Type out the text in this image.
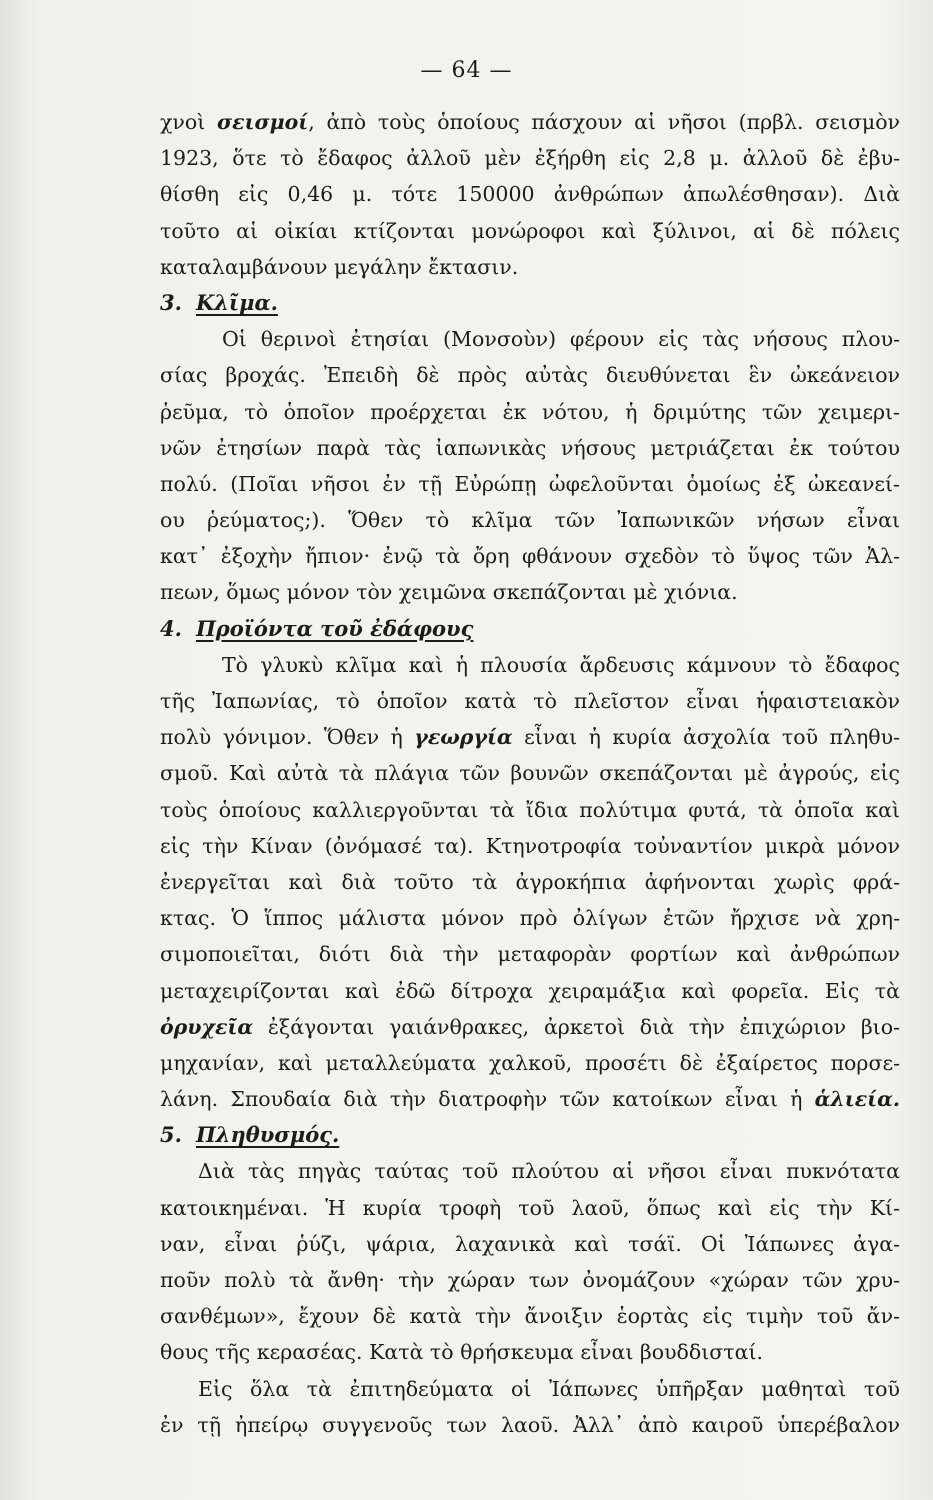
— 64 —
χνοὶ σεισμοί, ἀπὸ τοὺς ὁποίους πάσχουν αἱ νῆσοι (πρβλ. σεισμὸν
1923, ὅτε τὸ ἔδαφος ἀλλοῦ μὲν ἐξήρθη εἰς 2,8 μ. ἀλλοῦ δὲ ἐβυ-
θίσθη εἰς 0,46 μ. τότε 150000 ἀνθρώπων ἀπωλέσθησαν). Διὰ
τοῦτο αἱ οἰκίαι κτίζονται μονώροφοι καὶ ξύλινοι, αἱ δὲ πόλεις
καταλαμβάνουν μεγάλην ἔκτασιν.
3. Κλῖμα.
Οἱ θερινοὶ ἐτησίαι (Μονσοὺν) φέρουν εἰς τὰς νήσους πλου-
σίας βροχάς. Ἐπειδὴ δὲ πρὸς αὐτὰς διευθύνεται ἓν ὠκεάνειον
ῥεῦμα, τὸ ὁποῖον προέρχεται ἐκ νότου, ἡ δριμύτης τῶν χειμερι-
νῶν ἐτησίων παρὰ τὰς ἰαπωνικὰς νήσους μετριάζεται ἐκ τούτου
πολύ. (Ποῖαι νῆσοι ἐν τῇ Εὐρώπῃ ὠφελοῦνται ὁμοίως ἐξ ὠκεανεί-
ου ῥεύματος;). Ὅθεν τὸ κλῖμα τῶν Ἰαπωνικῶν νήσων εἶναι
κατ᾿ ἐξοχὴν ἤπιον· ἐνῷ τὰ ὄρη φθάνουν σχεδὸν τὸ ὕψος τῶν Ἀλ-
πεων, ὅμως μόνον τὸν χειμῶνα σκεπάζονται μὲ χιόνια.
4. Προϊόντα τοῦ ἐδάφους
Τὸ γλυκὺ κλῖμα καὶ ἡ πλουσία ἄρδευσις κάμνουν τὸ ἔδαφος
τῆς Ἰαπωνίας, τὸ ὁποῖον κατὰ τὸ πλεῖστον εἶναι ἡφαιστειακὸν
πολὺ γόνιμον. Ὅθεν ἡ γεωργία εἶναι ἡ κυρία ἀσχολία τοῦ πληθυ-
σμοῦ. Καὶ αὐτὰ τὰ πλάγια τῶν βουνῶν σκεπάζονται μὲ ἀγρούς, εἰς
τοὺς ὁποίους καλλιεργοῦνται τὰ ἴδια πολύτιμα φυτά, τὰ ὁποῖα καὶ
εἰς τὴν Κίναν (ὀνόμασέ τα). Κτηνοτροφία τοὐναντίον μικρὰ μόνον
ἐνεργεῖται καὶ διὰ τοῦτο τὰ ἀγροκήπια ἀφήνονται χωρὶς φρά-
κτας. Ὁ ἵππος μάλιστα μόνον πρὸ ὀλίγων ἐτῶν ἤρχισε νὰ χρη-
σιμοποιεῖται, διότι διὰ τὴν μεταφορὰν φορτίων καὶ ἀνθρώπων
μεταχειρίζονται καὶ ἐδῶ δίτροχα χειραμάξια καὶ φορεῖα. Εἰς τὰ
ὀρυχεῖα ἐξάγονται γαιάνθρακες, ἀρκετοὶ διὰ τὴν ἐπιχώριον βιο-
μηχανίαν, καὶ μεταλλεύματα χαλκοῦ, προσέτι δὲ ἐξαίρετος πορσε-
λάνη. Σπουδαία διὰ τὴν διατροφὴν τῶν κατοίκων εἶναι ἡ ἁλιεία.
5. Πληθυσμός.
Διὰ τὰς πηγὰς ταύτας τοῦ πλούτου αἱ νῆσοι εἶναι πυκνότατα
κατοικημέναι. Ἡ κυρία τροφὴ τοῦ λαοῦ, ὅπως καὶ εἰς τὴν Κί-
ναν, εἶναι ῥύζι, ψάρια, λαχανικὰ καὶ τσάϊ. Οἱ Ἰάπωνες ἀγα-
ποῦν πολὺ τὰ ἄνθη· τὴν χώραν των ὀνομάζουν «χώραν τῶν χρυ-
σανθέμων», ἔχουν δὲ κατὰ τὴν ἄνοιξιν ἑορτὰς εἰς τιμὴν τοῦ ἄν-
θους τῆς κερασέας. Κατὰ τὸ θρήσκευμα εἶναι βουδδισταί.
Εἰς ὅλα τὰ ἐπιτηδεύματα οἱ Ἰάπωνες ὑπῆρξαν μαθηταὶ τοῦ
ἐν τῇ ἠπείρῳ συγγενοῦς των λαοῦ. Ἀλλ᾿ ἀπὸ καιροῦ ὑπερέβαλον
